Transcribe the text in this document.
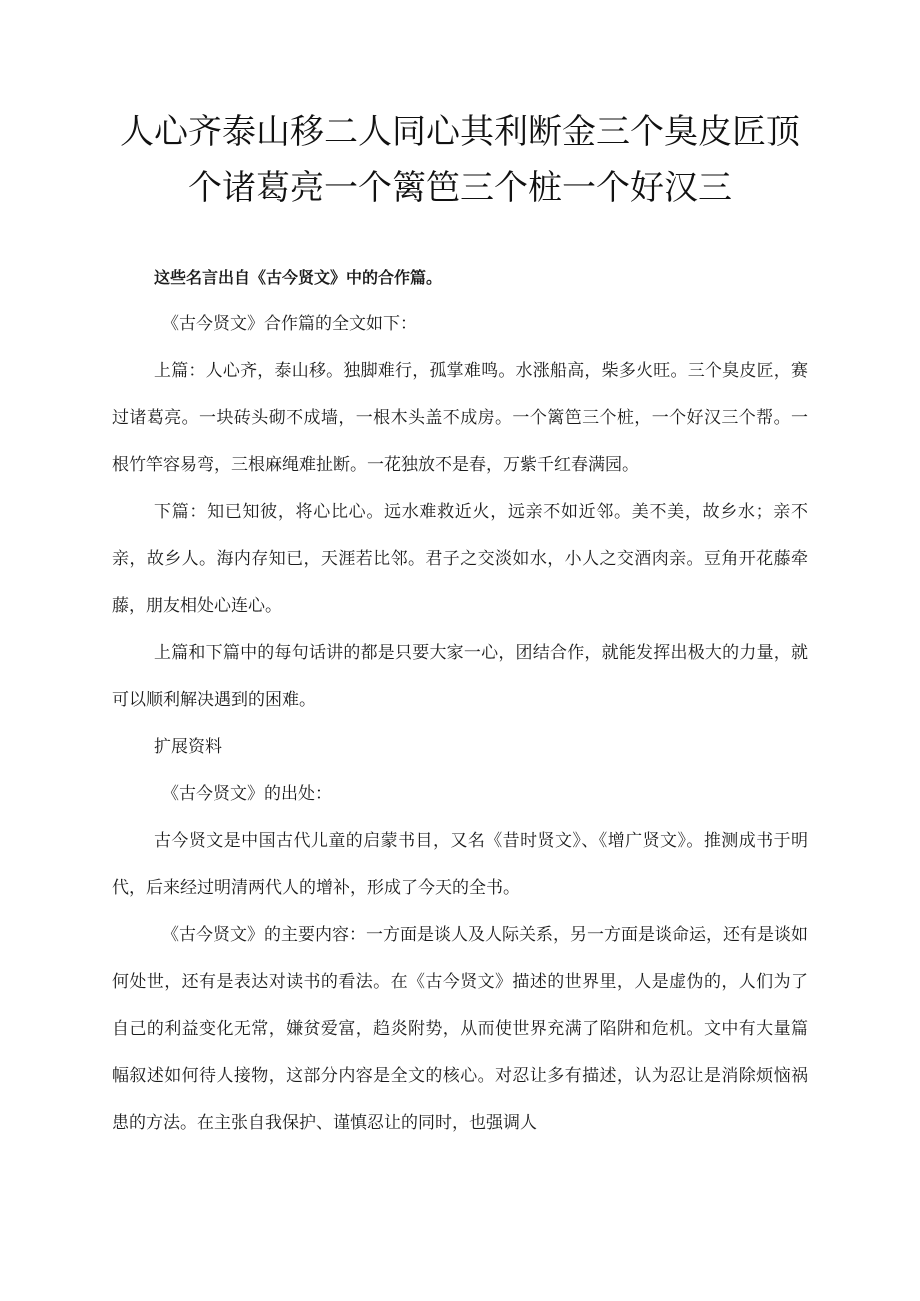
人心齐泰山移二人同心其利断金三个臭皮匠顶
个诸葛亮一个篱笆三个桩一个好汉三

这些名言出自《古今贤文》中的合作篇。

《古今贤文》合作篇的全文如下：

上篇：人心齐，泰山移。独脚难行，孤掌难鸣。水涨船高，柴多火旺。三个臭皮匠，赛过诸葛亮。一块砖头砌不成墙，一根木头盖不成房。一个篱笆三个桩，一个好汉三个帮。一根竹竿容易弯，三根麻绳难扯断。一花独放不是春，万紫千红春满园。

下篇：知已知彼，将心比心。远水难救近火，远亲不如近邻。美不美，故乡水；亲不亲，故乡人。海内存知已，天涯若比邻。君子之交淡如水，小人之交酒肉亲。豆角开花藤牵藤，朋友相处心连心。

上篇和下篇中的每句话讲的都是只要大家一心，团结合作，就能发挥出极大的力量，就可以顺利解决遇到的困难。

扩展资料

《古今贤文》的出处：

古今贤文是中国古代儿童的启蒙书目，又名《昔时贤文》、《增广贤文》。推测成书于明代，后来经过明清两代人的增补，形成了今天的全书。

《古今贤文》的主要内容：一方面是谈人及人际关系，另一方面是谈命运，还有是谈如何处世，还有是表达对读书的看法。在《古今贤文》描述的世界里，人是虚伪的，人们为了自己的利益变化无常，嫌贫爱富，趋炎附势，从而使世界充满了陷阱和危机。文中有大量篇幅叙述如何待人接物，这部分内容是全文的核心。对忍让多有描述，认为忍让是消除烦恼祸患的方法。在主张自我保护、谨慎忍让的同时，也强调人
